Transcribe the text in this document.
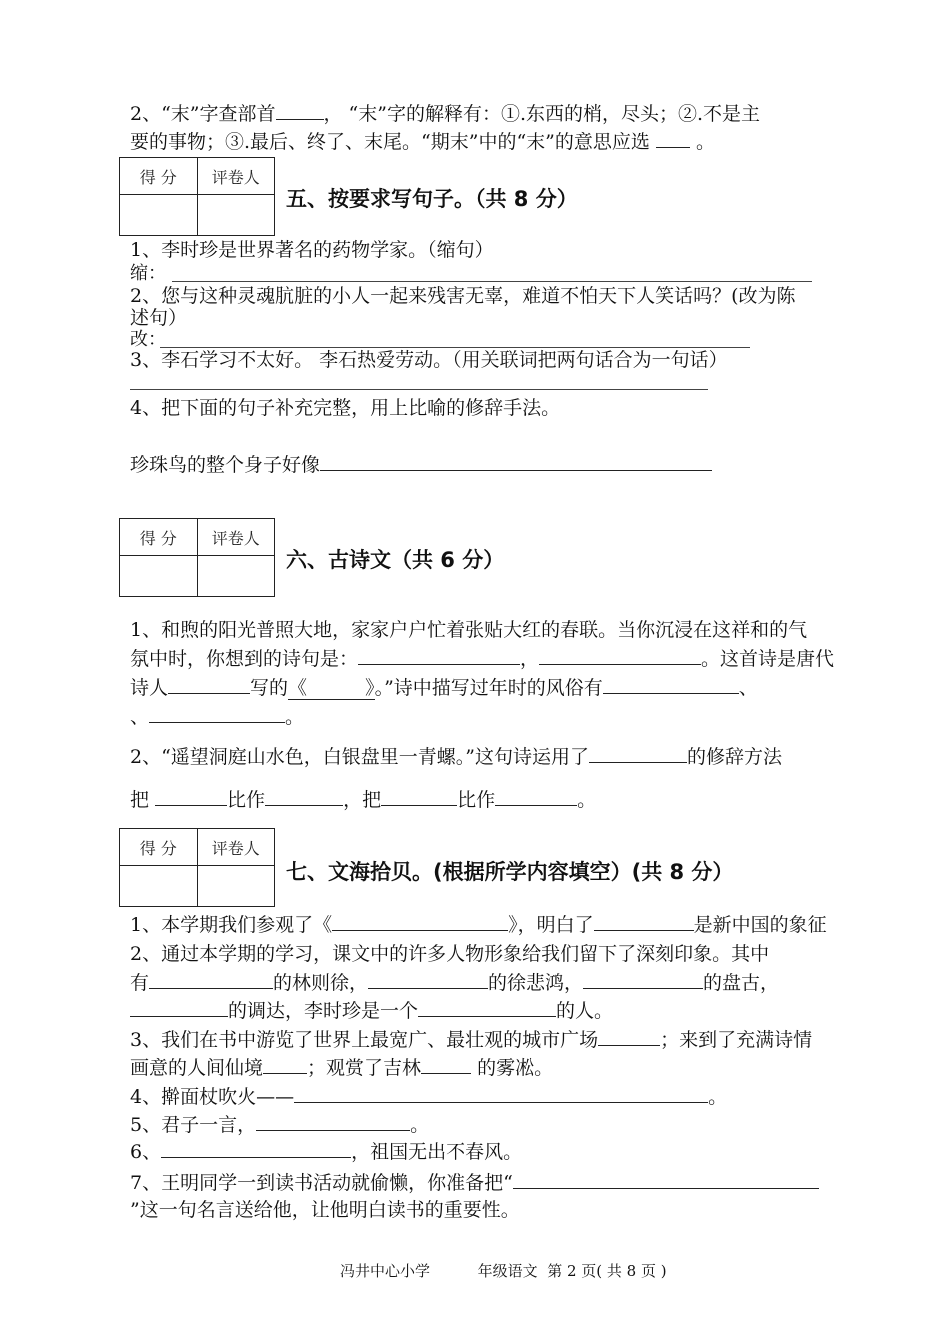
2、“末”字查部首	， “末”字的解释有：①.东西的梢，尽头；②.不是主
要的事物；③.最后、终了、末尾。“期末”中的“末”的意思应选  。
得 分	评卷人

五、按要求写句子。（共 8 分）
1、李时珍是世界著名的药物学家。（缩句）
缩：
2、您与这种灵魂肮脏的小人一起来残害无辜，难道不怕天下人笑话吗？(改为陈
述句）
改：
3、李石学习不太好。 李石热爱劳动。（用关联词把两句话合为一句话）
4、把下面的句子补充完整，用上比喻的修辞手法。
珍珠鸟的整个身子好像
得 分	评卷人

六、古诗文（共 6 分）
1、和煦的阳光普照大地，家家户户忙着张贴大红的春联。当你沉浸在这祥和的气
氛中时，你想到的诗句是：	，	。这首诗是唐代
诗人	写的《	》。”诗中描写过年时的风俗有	、
、	。
2、“遥望洞庭山水色，白银盘里一青螺。”这句诗运用了	的修辞方法
把	比作	，把	比作	。
得 分	评卷人

七、文海拾贝。(根据所学内容填空）(共 8 分）
1、本学期我们参观了《	》，明白了	是新中国的象征
2、通过本学期的学习，课文中的许多人物形象给我们留下了深刻印象。其中
有	的林则徐，	的徐悲鸿，	的盘古，
的调达，李时珍是一个	的人。
3、我们在书中游览了世界上最宽广、最壮观的城市广场	；来到了充满诗情
画意的人间仙境 ；观赏了吉林	的雾凇。
4、擀面杖吹火——	。
5、君子一言，	。
6、	，祖国无出不春风。
7、王明同学一到读书活动就偷懒，你准备把“
”这一句名言送给他，让他明白读书的重要性。
冯井中心小学          年级语文  第 2 页( 共 8 页 )
